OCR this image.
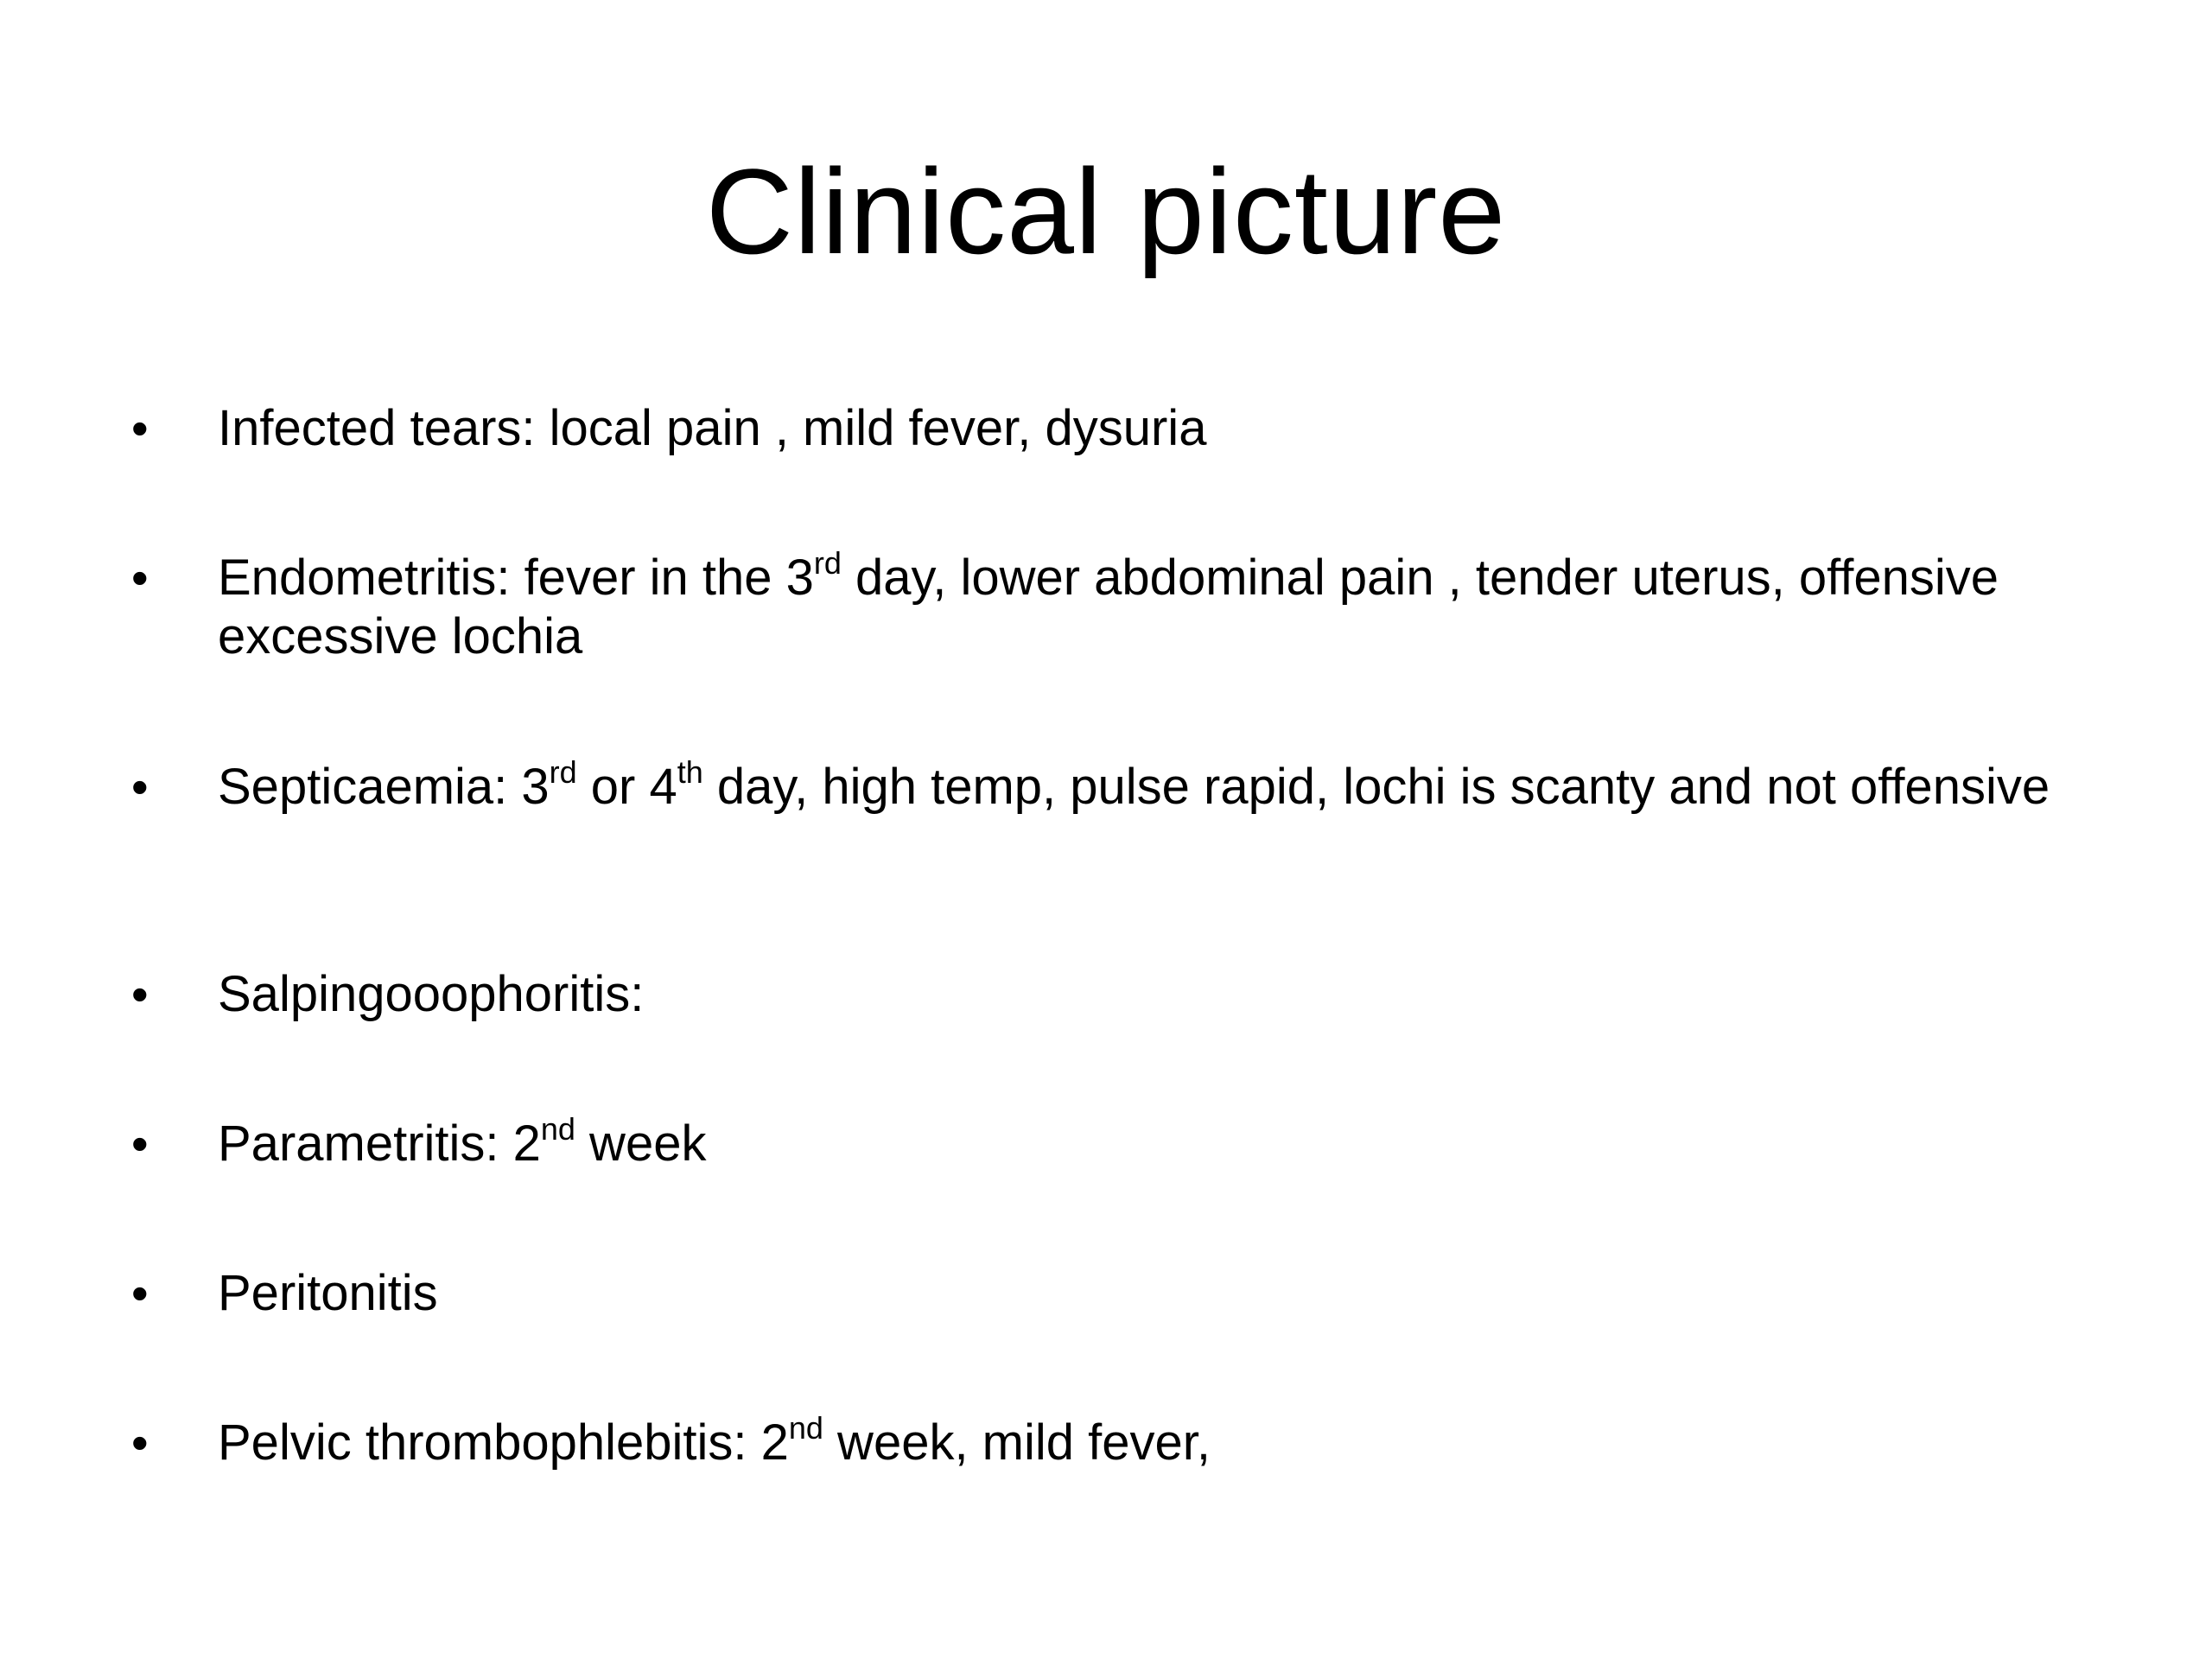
Clinical picture
•	Infected tears: local pain , mild fever, dysuria
•	Endometritis: fever in the 3rd day, lower abdominal pain , tender uterus, offensive excessive lochia
•	Septicaemia: 3rd or 4th day, high temp, pulse rapid, lochi is scanty and not offensive
•	Salpingooophoritis:
•	Parametritis: 2nd week
•	Peritonitis
•	Pelvic thrombophlebitis: 2nd week, mild fever,
